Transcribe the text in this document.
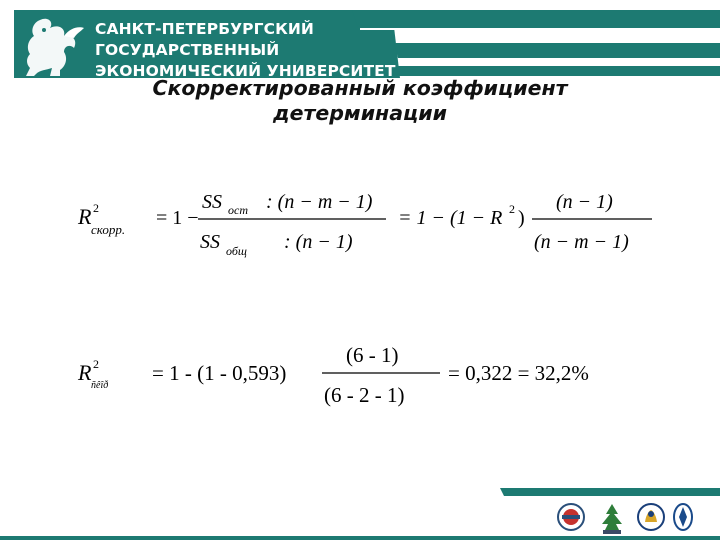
САНКТ-ПЕТЕРБУРГСКИЙ
ГОСУДАРСТВЕННЫЙ
ЭКОНОМИЧЕСКИЙ УНИВЕРСИТЕТ
Скорректированный коэффициент
детерминации
R 2
скорр.
= 1 −
SS ост : (n − m − 1)
SS общ : (n − 1)
= 1 − (1 − R 2 )
(n − 1)
(n − m − 1)
R 2
ñêîð
= 1 - (1 - 0,593)
(6 - 1)
(6 - 2 - 1)
= 0,322 = 32,2%
